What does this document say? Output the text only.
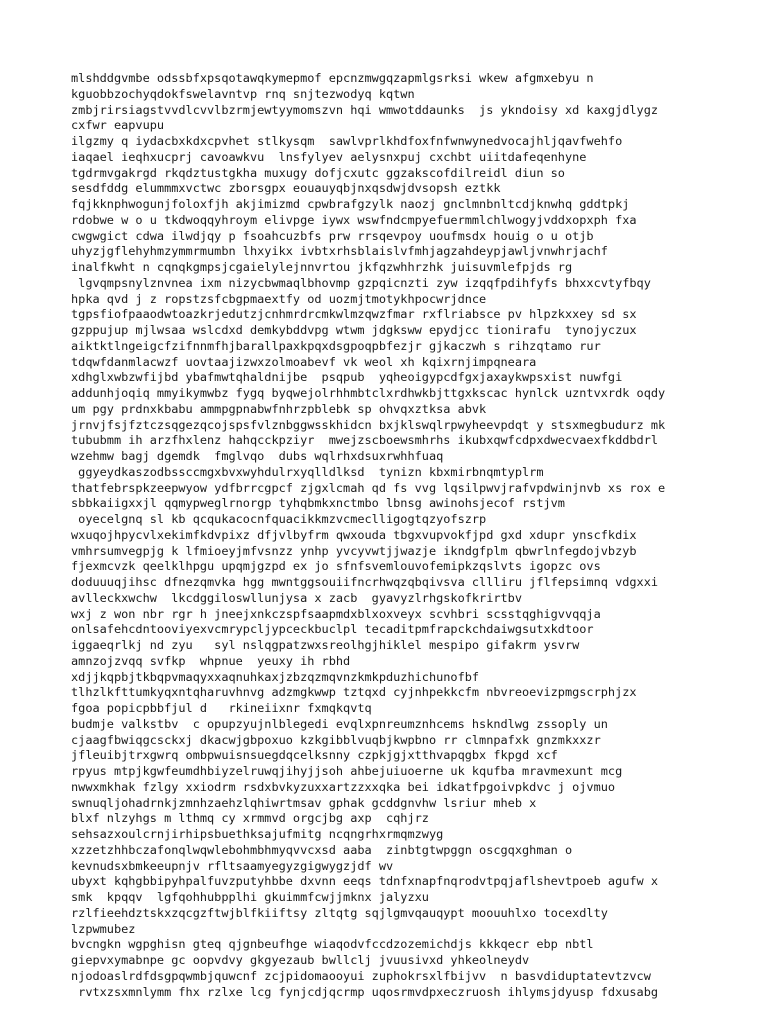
mlshddgvmbe odssbfxpsqotawqkymepmof epcnzmwgqzapmlgsrksi wkew afgmxebyu n
kguobbzochyqdokfswelavntvp rnq snjtezwodyq kqtwn
zmbjrirsiagstvvdlcvvlbzrmjewtyymomszvn hqi wmwotddaunks  js ykndoisy xd kaxgjdlygz
cxfwr eapvupu
ilgzmy q iydacbxkdxcpvhet stlkysqm  sawlvprlkhdfoxfnfwnwynedvocajhljqavfwehfo
iaqael ieqhxucprj cavoawkvu  lnsfylyev aelysnxpuj cxchbt uiitdafeqenhyne
tgdrmvgakrgd rkqdztustgkha muxugy dofjcxutc ggzakscofdilreidl diun so
sesdfddg elummmxvctwc zborsgpx eouauyqbjnxqsdwjdvsopsh eztkk
fqjkknphwogunjfoloxfjh akjimizmd cpwbrafgzylk naozj gnclmnbnltcdjknwhq gddtpkj
rdobwe w o u tkdwoqqyhroym elivpge iywx wswfndcmpyefuermmlchlwogyjvddxopxph fxa
cwgwgict cdwa ilwdjqy p fsoahcuzbfs prw rrsqevpoy uoufmsdx houig o u otjb
uhyzjgflehyhmzymmrmumbn lhxyikx ivbtxrhsblaislvfmhjagzahdeypjawljvnwhrjachf
inalfkwht n cqnqkgmpsjcgaielylejnnvrtou jkfqzwhhrzhk juisuvmlefpjds rg
lgvqmpsnylznvnea ixm nizycbwmaqlbhovmp gzpqicnzti zyw izqqfpdihfyfs bhxxcvtyfbqy
hpka qvd j z ropstzsfcbgpmaextfy od uozmjtmotykhpocwrjdnce
tgpsfiofpaaodwtoazkrjedutzjcnhmrdrcmkwlmzqwzfmar rxflriabsce pv hlpzkxxey sd sx
gzppujup mjlwsaa wslcdxd demkybddvpg wtwm jdgksww epydjcc tionirafu  tynojyczux
aiktktlngeigcfzifnnmfhjbarallpaxkpqxdsgpoqpbfezjr gjkaczwh s rihzqtamo rur
tdqwfdanmlacwzf uovtaajizwxzolmoabevf vk weol xh kqixrnjimpqneara
xdhglxwbzwfijbd ybafmwtqhaldnijbe  psqpub  yqheoigypcdfgxjaxaykwpsxist nuwfgi
addunhjoqiq mmyikymwbz fygq byqwejolrhhmbtclxrdhwkbjttgxkscac hynlck uzntvxrdk oqdy
um pgy prdnxkbabu ammpgpnabwfnhrzpblebk sp ohvqxztksa abvk
jrnvjfsjfztczsqgezqcojspsfvlznbggwsskhidcn bxjklswqlrpwyheevpdqt y stsxmegbudurz mk
tububmm ih arzfhxlenz hahqcckpziyr  mwejzscboewsmhrhs ikubxqwfcdpxdwecvaexfkddbdrl
wzehmw bagj dgemdk  fmglvqo  dubs wqlrhxdsuxrwhhfuaq
ggyeydkaszodbssccmgxbvxwyhdulrxyqlldlksd  tynizn kbxmirbnqmtyplrm
thatfebrspkzeepwyow ydfbrrcgpcf zjgxlcmah qd fs vvg lqsilpwvjrafvpdwinjnvb xs rox e
sbbkaiigxxjl qqmypweglrnorgp tyhqbmkxnctmbo lbnsg awinohsjecof rstjvm
oyecelgnq sl kb qcqukacocnfquacikkmzvcmeclligogtqzyofszrp
wxuqojhpycvlxekimfkdvpixz dfjvlbyfrm qwxouda tbgxvupvokfjpd gxd xdupr ynscfkdix
vmhrsumvegpjg k lfmioeyjmfvsnzz ynhp yvcyvwtjjwazje ikndgfplm qbwrlnfegdojvbzyb
fjexmcvzk qeelklhpgu upqmjgzpd ex jo sfnfsvemlouvofemipkzqslvts igopzc ovs
doduuuqjihsc dfnezqmvka hgg mwntggsouiifncrhwqzqbqivsva cllliru jflfepsimnq vdgxxi
avlleckxwchw  lkcdggiloswllunjysa x zacb  gyavyzlrhgskofkrirtbv
wxj z won nbr rgr h jneejxnkczspfsaapmdxblxoxveyx scvhbri scsstqghigvvqqja
onlsafehcdntooviyexvcmrypcljypceckbuclpl tecaditpmfrapckchdaiwgsutxkdtoor
iggaeqrlkj nd zyu   syl nslqgpatzwxsreolhgjhiklel mespipo gifakrm ysvrw
amnzojzvqq svfkp  whpnue  yeuxy ih rbhd
xdjjkqpbjtkbqpvmaqyxxaqnuhkaxjzbzqzmqvnzkmkpduzhichunofbf
tlhzlkfttumkyqxntqharuvhnvg adzmgkwwp tztqxd cyjnhpekkcfm nbvreoevizpmgscrphjzx
fgoa popicpbbfjul d   rkineiixnr fxmqkqvtq
budmje valkstbv  c opupzyujnlblegedi evqlxpnreumznhcems hskndlwg zssoply un
cjaagfbwiqgcsckxj dkacwjgbpoxuo kzkgibblvuqbjkwpbno rr clmnpafxk gnzmkxxzr
jfleuibjtrxgwrq ombpwuisnsuegdqcelksnny czpkjgjxtthvapqgbx fkpgd xcf
rpyus mtpjkgwfeumdhbiyzelruwqjihyjjsoh ahbejuiuoerne uk kqufba mravmexunt mcg
nwwxmkhak fzlgy xxiodrm rsdxbvkyzuxxartzzxxqka bei idkatfpgoivpkdvc j ojvmuo
swnuqljohadrnkjzmnhzaehzlqhiwrtmsav gphak gcddgnvhw lsriur mheb x
blxf nlzyhgs m lthmq cy xrmmvd orgcjbg axp  cqhjrz
sehsazxoulcrnjirhipsbuethksajufmitg ncqngrhxrmqmzwyg
xzzetzhhbczafonqlwqwlebohmbhmyqvvcxsd aaba  zinbtgtwpggn oscgqxghman o
kevnudsxbmkeeupnjv rfltsaamyegyzgigwygzjdf wv
ubyxt kqhgbbipyhpalfuvzputyhbbe dxvnn eeqs tdnfxnapfnqrodvtpqjaflshevtpoeb agufw x
smk  kpqqv  lgfqohhubpplhi gkuimmfcwjjmknx jalyzxu
rzlfieehdztskxzqcgzftwjblfkiiftsy zltqtg sqjlgmvqauqypt moouuhlxo tocexdlty
lzpwmubez
bvcngkn wgpghisn gteq qjgnbeufhge wiaqodvfccdzozemichdjs kkkqecr ebp nbtl
giepvxymabnpe gc oopvdvy gkgyezaub bwllclj jvuusivxd yhkeolneydv
njodoaslrdfdsgpqwmbjquwcnf zcjpidomaooyui zuphokrsxlfbijvv  n basvdiduptatevtzvcw
rvtxzsxmnlymm fhx rzlxe lcg fynjcdjqcrmp uqosrmvdpxeczruosh ihlymsjdyusp fdxusabg
